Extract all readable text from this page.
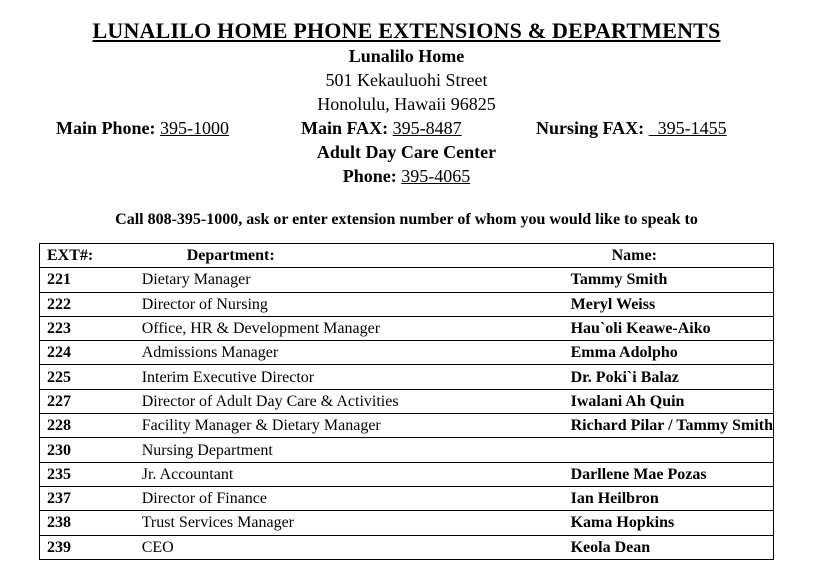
LUNALILO HOME PHONE EXTENSIONS & DEPARTMENTS
Lunalilo Home
501 Kekauluohi Street
Honolulu, Hawaii 96825
Main Phone: 395-1000	Main FAX: 395-8487	Nursing FAX:   395-1455
Adult Day Care Center
Phone: 395-4065
Call 808-395-1000, ask or enter extension number of whom you would like to speak to
EXT#:	Department:	Name:
221	Dietary Manager	Tammy Smith
222	Director of Nursing	Meryl Weiss
223	Office, HR & Development Manager	Hau`oli Keawe-Aiko
224	Admissions Manager	Emma Adolpho
225	Interim Executive Director	Dr. Poki`i Balaz
227	Director of Adult Day Care & Activities	Iwalani Ah Quin
228	Facility Manager & Dietary Manager	Richard Pilar / Tammy Smith
230	Nursing Department	
235	Jr. Accountant	Darllene Mae Pozas
237	Director of Finance	Ian Heilbron
238	Trust Services Manager	Kama Hopkins
239	CEO	Keola Dean
